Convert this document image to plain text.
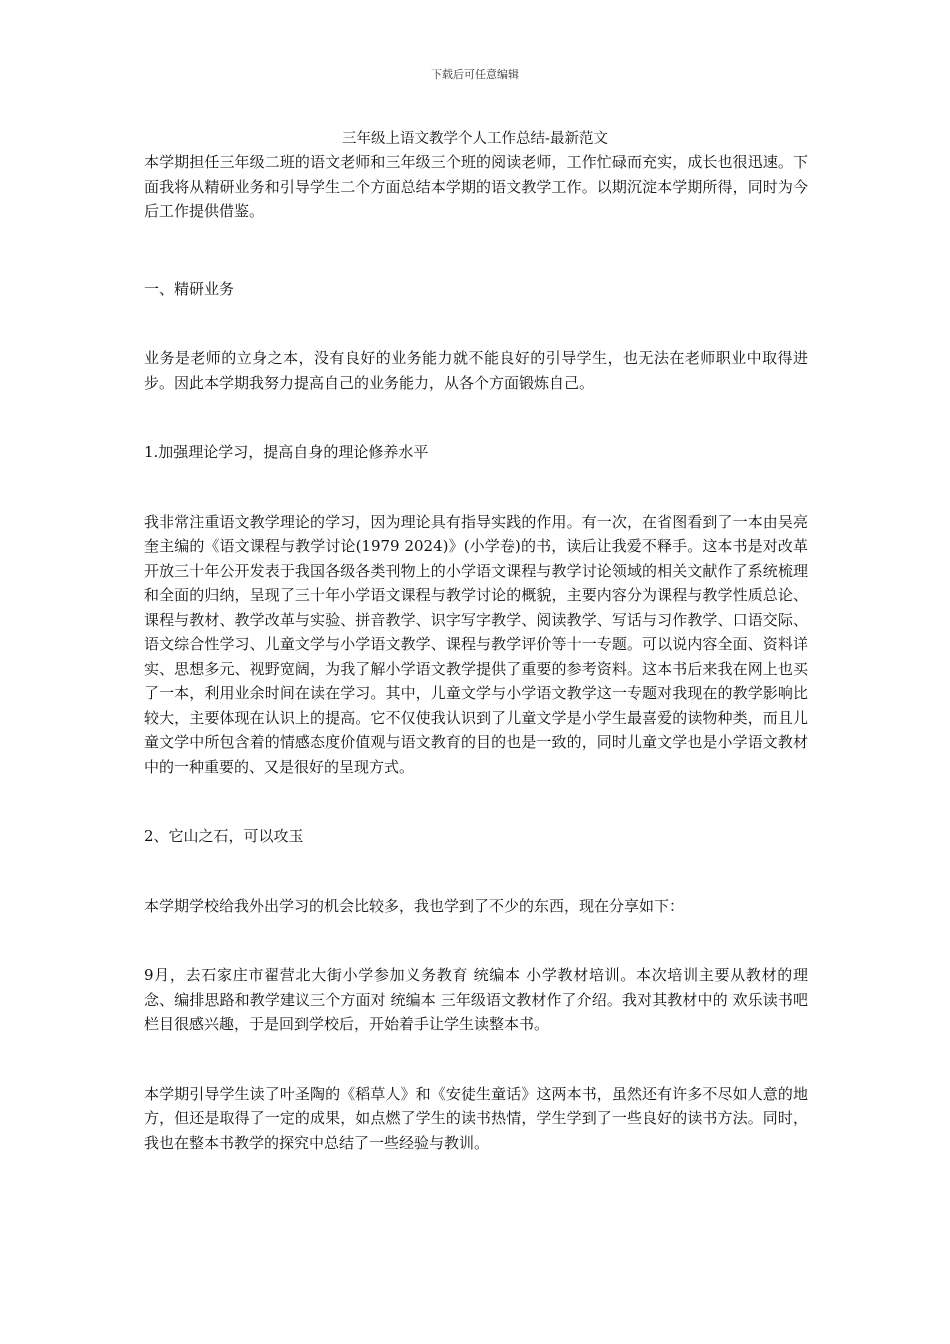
下载后可任意编辑
三年级上语文教学个人工作总结-最新范文

本学期担任三年级二班的语文老师和三年级三个班的阅读老师，工作忙碌而充实，成长也很迅速。下面我将从精研业务和引导学生二个方面总结本学期的语文教学工作。以期沉淀本学期所得，同时为今后工作提供借鉴。

一、精研业务

业务是老师的立身之本，没有良好的业务能力就不能良好的引导学生，也无法在老师职业中取得进步。因此本学期我努力提高自己的业务能力，从各个方面锻炼自己。

1.加强理论学习，提高自身的理论修养水平

我非常注重语文教学理论的学习，因为理论具有指导实践的作用。有一次，在省图看到了一本由吴亮奎主编的《语文课程与教学讨论(1979 2024)》(小学卷)的书，读后让我爱不释手。这本书是对改革开放三十年公开发表于我国各级各类刊物上的小学语文课程与教学讨论领域的相关文献作了系统梳理和全面的归纳，呈现了三十年小学语文课程与教学讨论的概貌，主要内容分为课程与教学性质总论、课程与教材、教学改革与实验、拼音教学、识字写字教学、阅读教学、写话与习作教学、口语交际、语文综合性学习、儿童文学与小学语文教学、课程与教学评价等十一专题。可以说内容全面、资料详实、思想多元、视野宽阔，为我了解小学语文教学提供了重要的参考资料。这本书后来我在网上也买了一本，利用业余时间在读在学习。其中，儿童文学与小学语文教学这一专题对我现在的教学影响比较大，主要体现在认识上的提高。它不仅使我认识到了儿童文学是小学生最喜爱的读物种类，而且儿童文学中所包含着的情感态度价值观与语文教育的目的也是一致的，同时儿童文学也是小学语文教材中的一种重要的、又是很好的呈现方式。

2、它山之石，可以攻玉

本学期学校给我外出学习的机会比较多，我也学到了不少的东西，现在分享如下：

9月，去石家庄市翟营北大街小学参加义务教育 统编本 小学教材培训。本次培训主要从教材的理念、编排思路和教学建议三个方面对 统编本 三年级语文教材作了介绍。我对其教材中的 欢乐读书吧 栏目很感兴趣，于是回到学校后，开始着手让学生读整本书。

本学期引导学生读了叶圣陶的《稻草人》和《安徒生童话》这两本书，虽然还有许多不尽如人意的地方，但还是取得了一定的成果，如点燃了学生的读书热情，学生学到了一些良好的读书方法。同时，我也在整本书教学的探究中总结了一些经验与教训。
